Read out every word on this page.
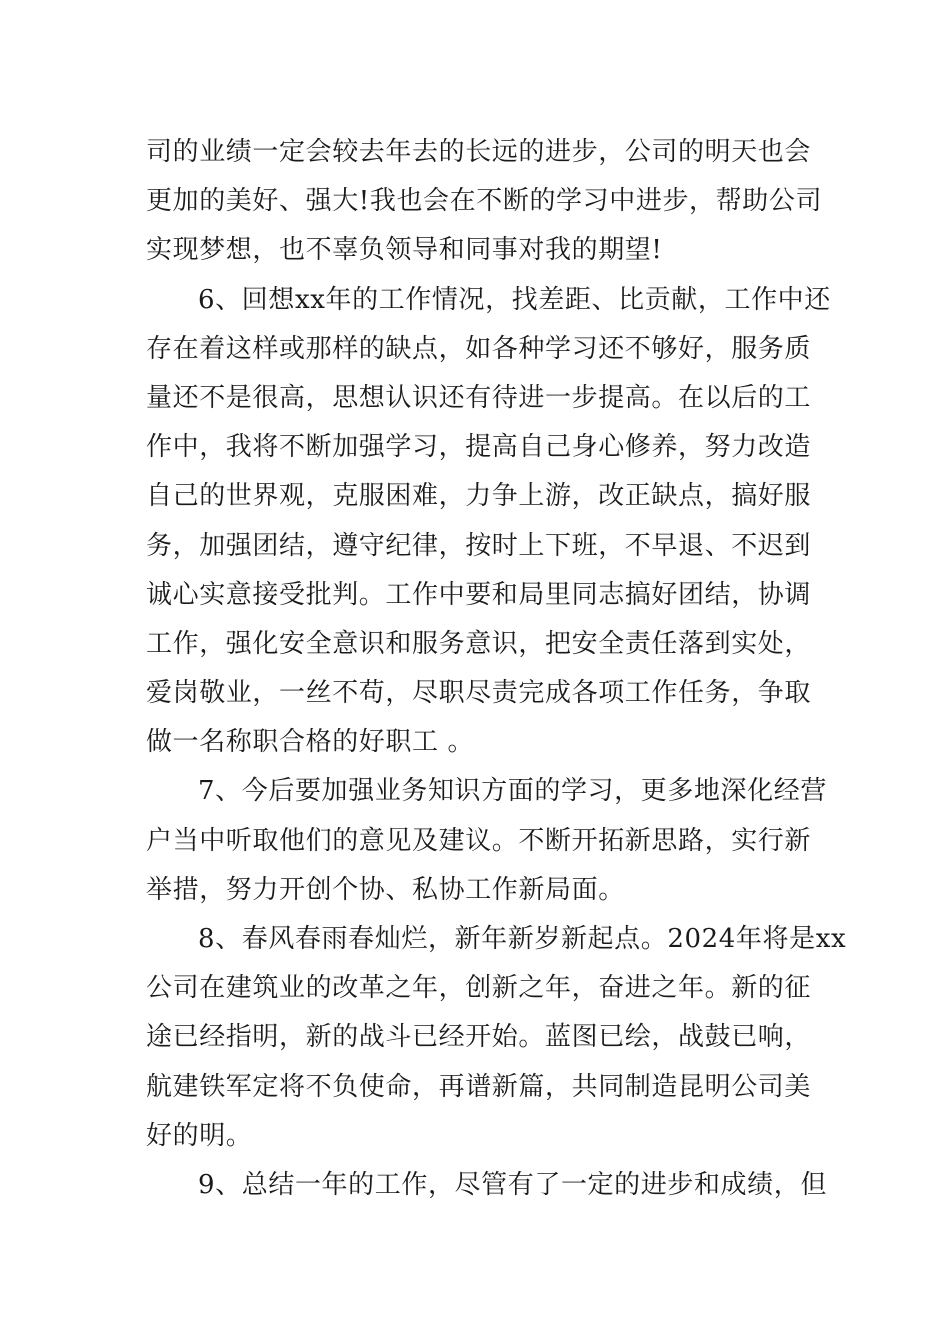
司的业绩一定会较去年去的长远的进步，公司的明天也会
更加的美好、强大!我也会在不断的学习中进步，帮助公司
实现梦想，也不辜负领导和同事对我的期望!
6、回想xx年的工作情况，找差距、比贡献，工作中还
存在着这样或那样的缺点，如各种学习还不够好，服务质
量还不是很高，思想认识还有待进一步提高。在以后的工
作中，我将不断加强学习，提高自己身心修养，努力改造
自己的世界观，克服困难，力争上游，改正缺点，搞好服
务，加强团结，遵守纪律，按时上下班，不早退、不迟到
诚心实意接受批判。工作中要和局里同志搞好团结，协调
工作，强化安全意识和服务意识，把安全责任落到实处，
爱岗敬业，一丝不苟，尽职尽责完成各项工作任务，争取
做一名称职合格的好职工 。
7、今后要加强业务知识方面的学习，更多地深化经营
户当中听取他们的意见及建议。不断开拓新思路，实行新
举措，努力开创个协、私协工作新局面。
8、春风春雨春灿烂，新年新岁新起点。2024年将是xx
公司在建筑业的改革之年，创新之年，奋进之年。新的征
途已经指明，新的战斗已经开始。蓝图已绘，战鼓已响，
航建铁军定将不负使命，再谱新篇，共同制造昆明公司美
好的明。
9、总结一年的工作，尽管有了一定的进步和成绩，但
